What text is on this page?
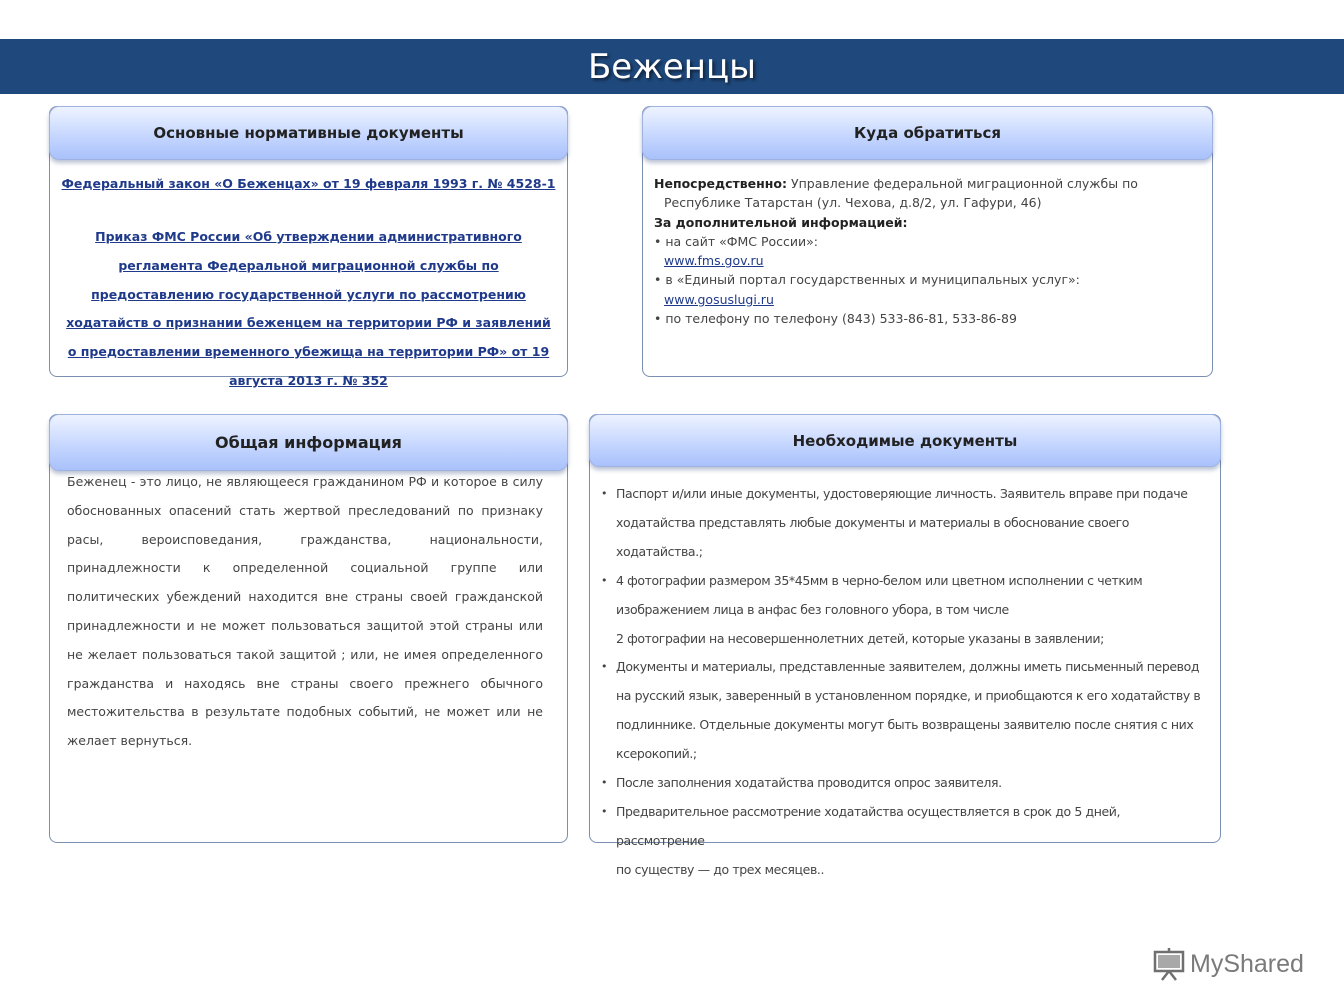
Беженцы
Основные нормативные документы
Федеральный закон «О Беженцах» от 19 февраля 1993 г. № 4528-1
Приказ ФМС России «Об утверждении административного регламента Федеральной миграционной службы по предоставлению государственной услуги по рассмотрению ходатайств о признании беженцем на территории РФ и заявлений о предоставлении временного убежища на территории РФ» от 19 августа 2013 г. № 352
Куда обратиться
Непосредственно: Управление федеральной миграционной службы по
Республике Татарстан (ул. Чехова, д.8/2, ул. Гафури, 46)
За дополнительной информацией:
• на сайт «ФМС России»:
www.fms.gov.ru
• в «Единый портал государственных и муниципальных услуг»:
www.gosuslugi.ru
• по телефону по телефону (843) 533-86-81, 533-86-89
Беженец - это лицо, не являющееся гражданином РФ и которое в силу обоснованных опасений стать жертвой преследований по признаку расы, вероисповедания, гражданства, национальности, принадлежности к определенной социальной группе или политических убеждений находится вне страны своей гражданской принадлежности и не может пользоваться защитой этой страны или не желает пользоваться такой защитой ; или, не имея определенного гражданства и находясь вне страны своего прежнего обычного местожительства в результате подобных событий, не может или не желает вернуться.
Общая информация	Необходимые документы
• Паспорт и/или иные документы, удостоверяющие личность. Заявитель вправе при подаче
ходатайства представлять любые документы и материалы в обоснование своего ходатайства.;
• 4 фотографии размером 35*45мм в черно-белом или цветном исполнении с четким
изображением лица в анфас без головного убора, в том числе
2 фотографии на несовершеннолетних детей, которые указаны в заявлении;
• Документы и материалы, представленные заявителем, должны иметь письменный перевод
на русский язык, заверенный в установленном порядке, и приобщаются к его ходатайству в
подлиннике. Отдельные документы могут быть возвращены заявителю после снятия с них
ксерокопий.;
• После заполнения ходатайства проводится опрос заявителя.
• Предварительное рассмотрение ходатайства осуществляется в срок до 5 дней, рассмотрение
по существу — до трех месяцев..
MyShared
